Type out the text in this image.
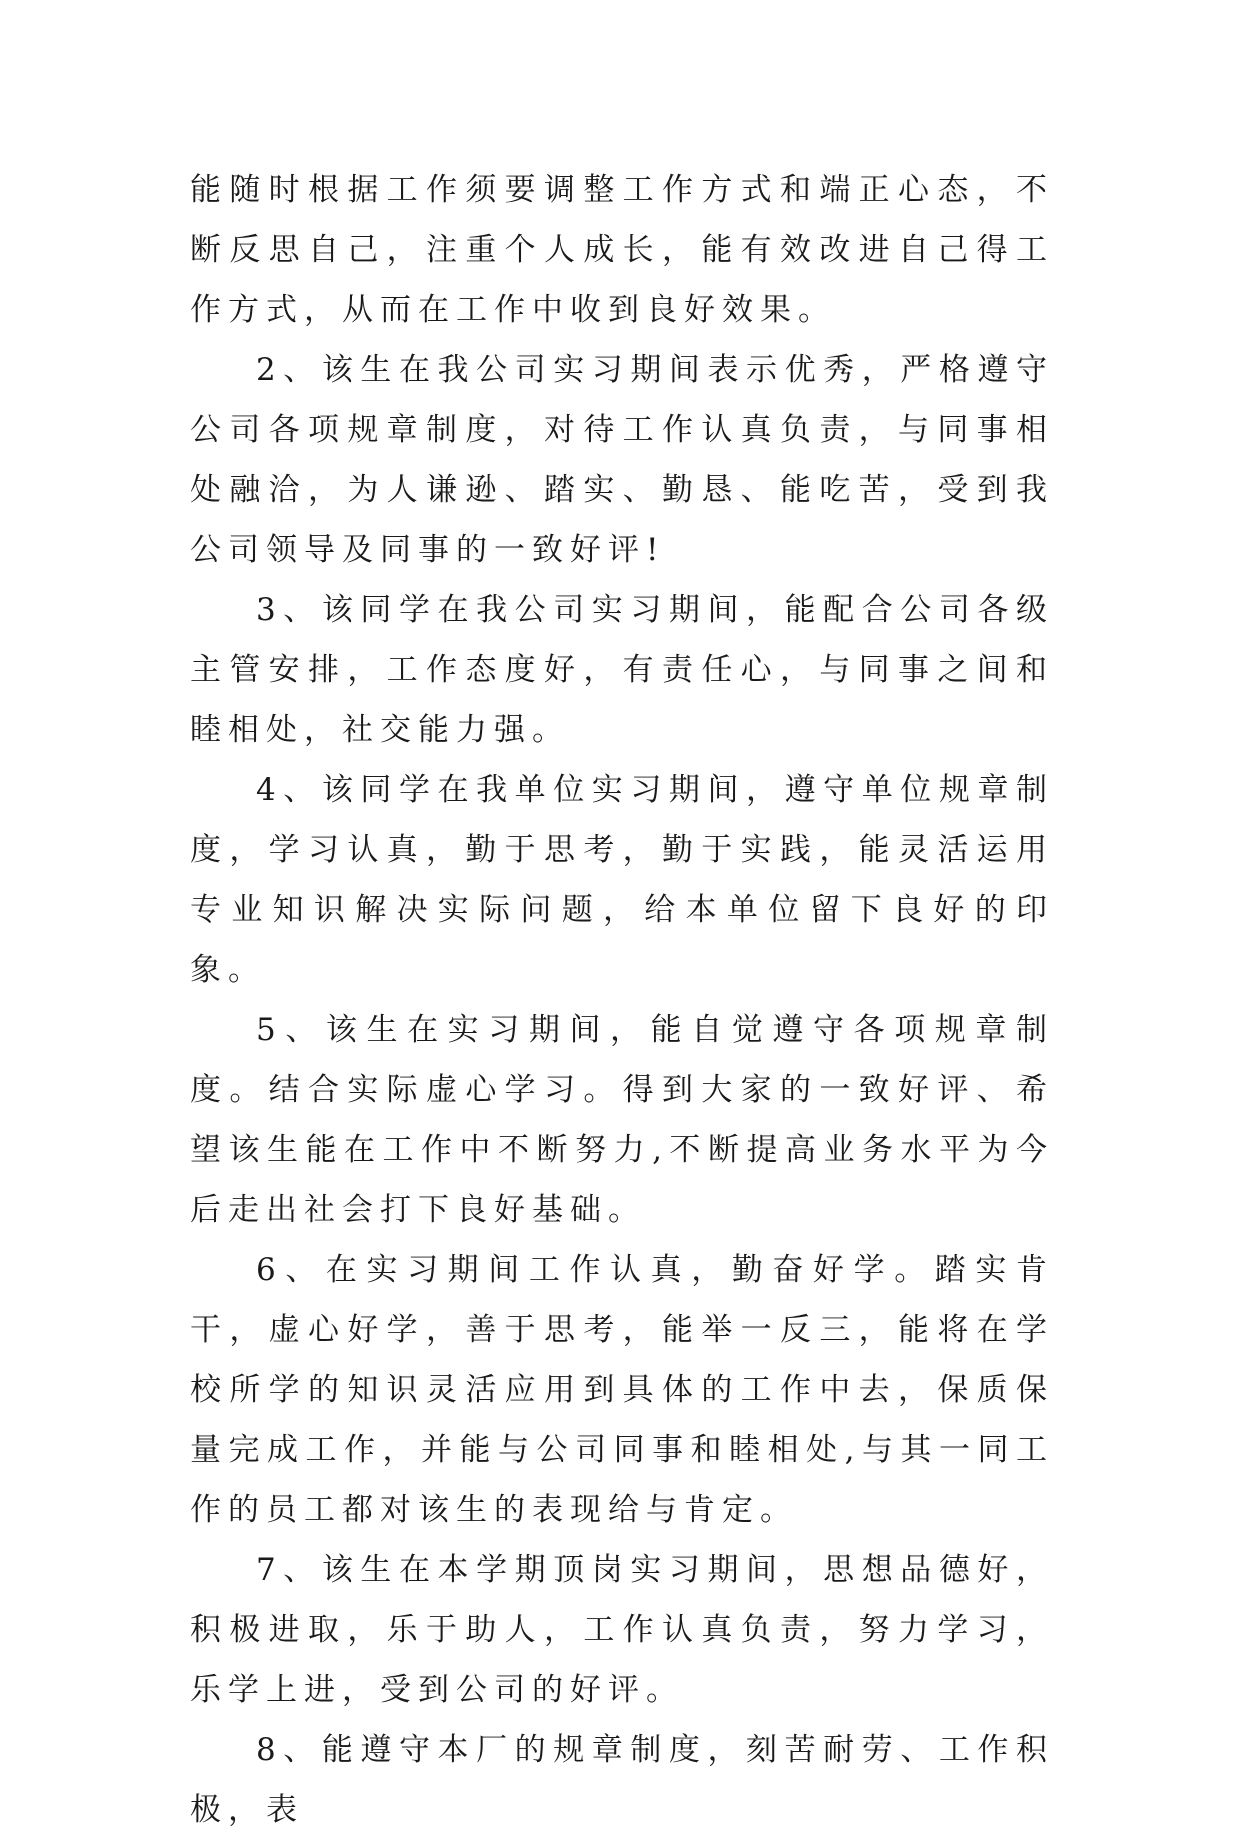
能随时根据工作须要调整工作方式和端正心态，不断反思自己，注重个人成长，能有效改进自己得工作方式，从而在工作中收到良好效果。

2、该生在我公司实习期间表示优秀，严格遵守公司各项规章制度，对待工作认真负责，与同事相处融洽，为人谦逊、踏实、勤恳、能吃苦，受到我公司领导及同事的一致好评!

3、该同学在我公司实习期间，能配合公司各级主管安排，工作态度好，有责任心，与同事之间和睦相处，社交能力强。

4、该同学在我单位实习期间，遵守单位规章制度，学习认真，勤于思考，勤于实践，能灵活运用专业知识解决实际问题，给本单位留下良好的印象。

5、该生在实习期间，能自觉遵守各项规章制度。结合实际虚心学习。得到大家的一致好评、希望该生能在工作中不断努力,不断提高业务水平为今后走出社会打下良好基础。

6、在实习期间工作认真，勤奋好学。踏实肯干，虚心好学，善于思考，能举一反三，能将在学校所学的知识灵活应用到具体的工作中去，保质保量完成工作，并能与公司同事和睦相处,与其一同工作的员工都对该生的表现给与肯定。

7、该生在本学期顶岗实习期间，思想品德好，积极进取，乐于助人，工作认真负责，努力学习，乐学上进，受到公司的好评。

8、能遵守本厂的规章制度，刻苦耐劳、工作积极，表
